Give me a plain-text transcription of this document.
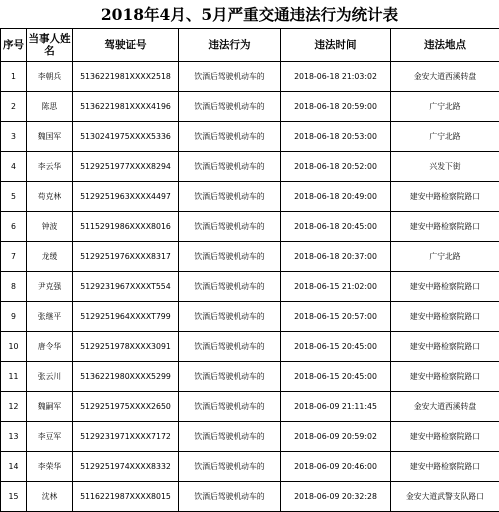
2018年4月、5月严重交通违法行为统计表
序号	当事人姓名	驾驶证号	违法行为	违法时间	违法地点
1	李朝兵	5136221981XXXX2518	饮酒后驾驶机动车的	2018-06-18 21:03:02	金安大道西溪转盘
2	陈思	5136221981XXXX4196	饮酒后驾驶机动车的	2018-06-18 20:59:00	广宁北路
3	魏国军	5130241975XXXX5336	饮酒后驾驶机动车的	2018-06-18 20:53:00	广宁北路
4	李云华	5129251977XXXX8294	饮酒后驾驶机动车的	2018-06-18 20:52:00	兴发下街
5	苟克林	5129251963XXXX4497	饮酒后驾驶机动车的	2018-06-18 20:49:00	建安中路检察院路口
6	钟波	5115291986XXXX8016	饮酒后驾驶机动车的	2018-06-18 20:45:00	建安中路检察院路口
7	龙缓	5129251976XXXX8317	饮酒后驾驶机动车的	2018-06-18 20:37:00	广宁北路
8	尹克强	5129231967XXXXT554	饮酒后驾驶机动车的	2018-06-15 21:02:00	建安中路检察院路口
9	张继平	5129251964XXXXT799	饮酒后驾驶机动车的	2018-06-15 20:57:00	建安中路检察院路口
10	唐令华	5129251978XXXX3091	饮酒后驾驶机动车的	2018-06-15 20:45:00	建安中路检察院路口
11	张云川	5136221980XXXX5299	饮酒后驾驶机动车的	2018-06-15 20:45:00	建安中路检察院路口
12	魏嗣军	5129251975XXXX2650	饮酒后驾驶机动车的	2018-06-09 21:11:45	金安大道西溪转盘
13	李豆军	5129231971XXXX7172	饮酒后驾驶机动车的	2018-06-09 20:59:02	建安中路检察院路口
14	李荣华	5129251974XXXX8332	饮酒后驾驶机动车的	2018-06-09 20:46:00	建安中路检察院路口
15	沈林	5116221987XXXX8015	饮酒后驾驶机动车的	2018-06-09 20:32:28	金安大道武警支队路口
